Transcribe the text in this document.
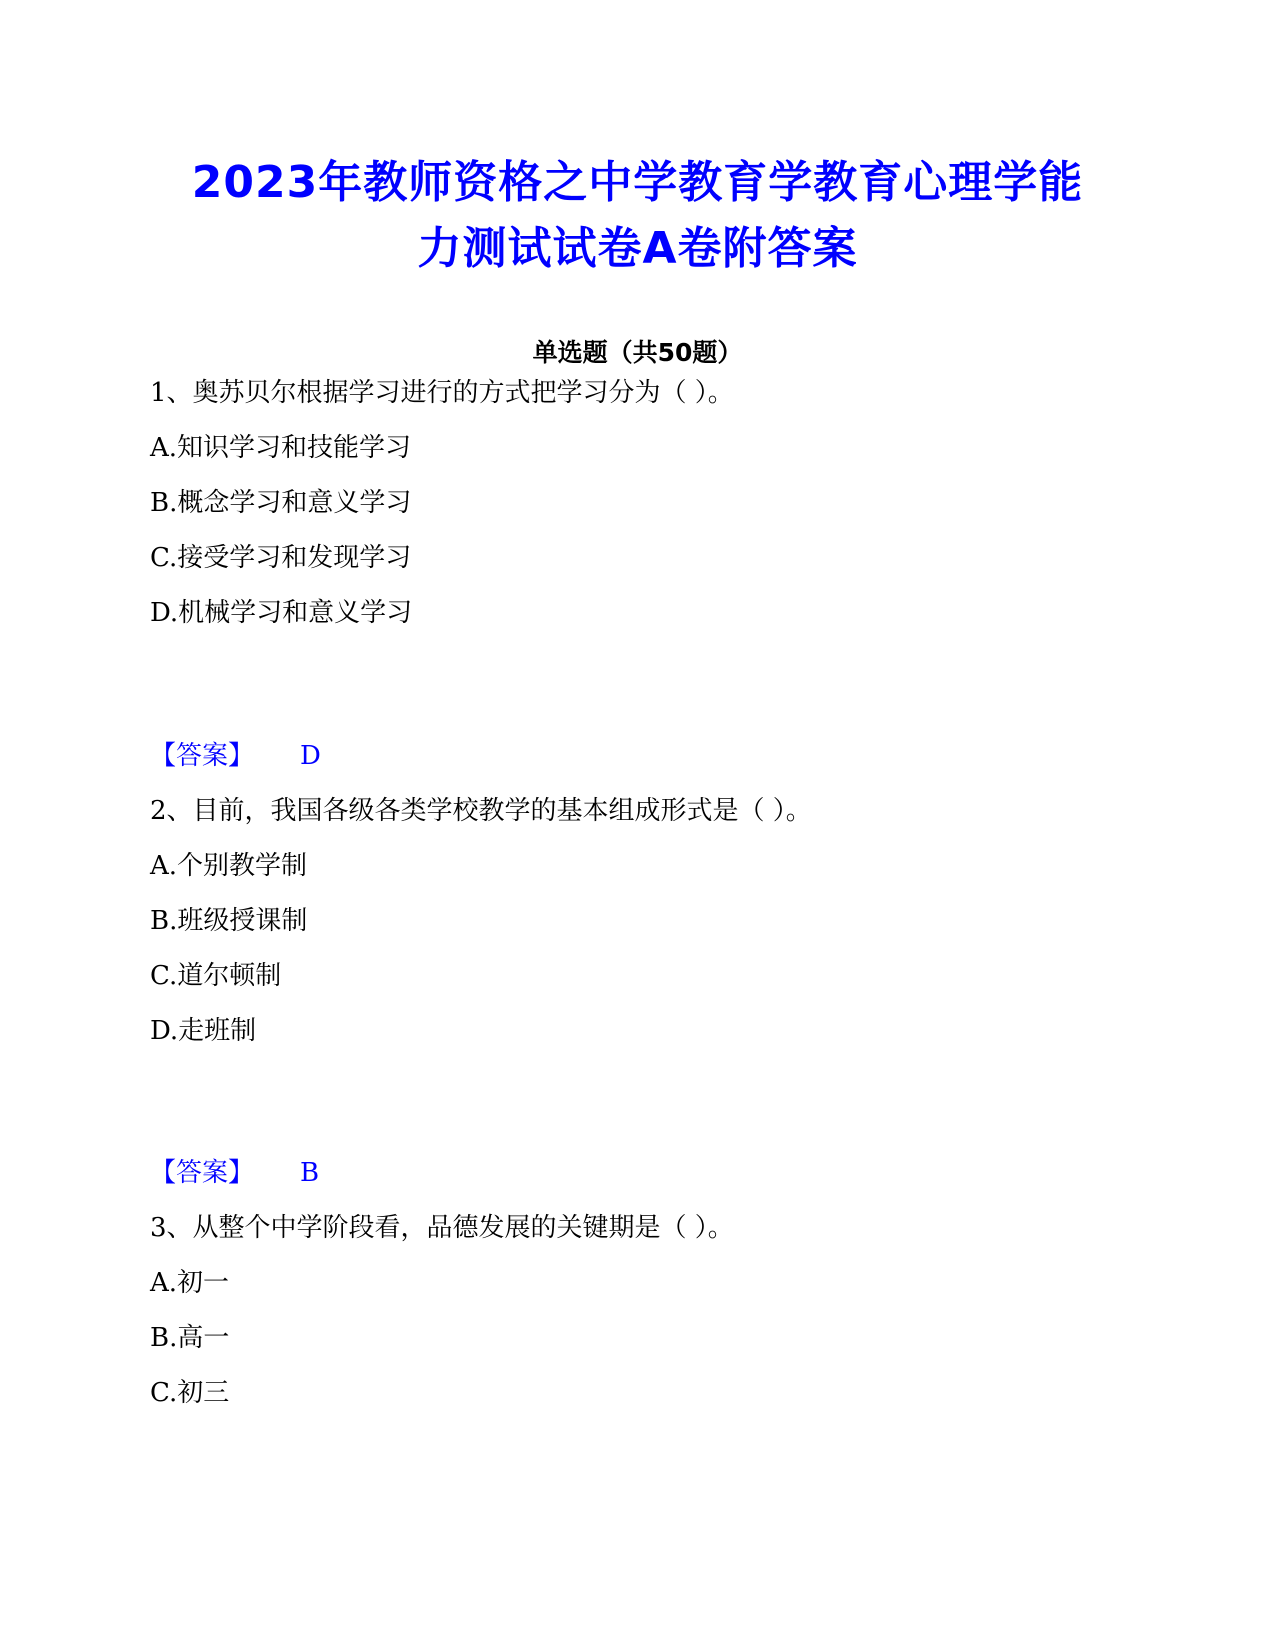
2023年教师资格之中学教育学教育心理学能
力测试试卷A卷附答案
单选题（共50题）
1、奥苏贝尔根据学习进行的方式把学习分为（ ）。
A.知识学习和技能学习
B.概念学习和意义学习
C.接受学习和发现学习
D.机械学习和意义学习
【答案】 D
2、目前，我国各级各类学校教学的基本组成形式是（ ）。
A.个别教学制
B.班级授课制
C.道尔顿制
D.走班制
【答案】 B
3、从整个中学阶段看，品德发展的关键期是（ ）。
A.初一
B.高一
C.初三
